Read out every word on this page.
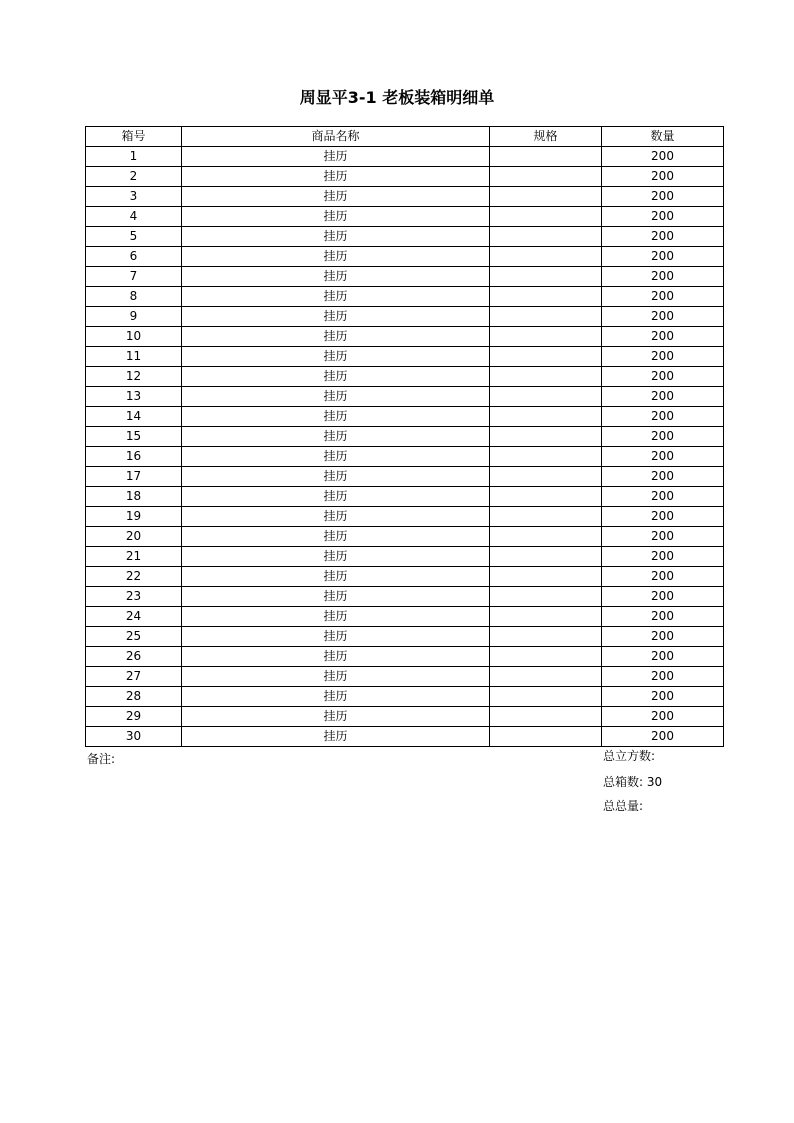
周显平3-1 老板装箱明细单
箱号	商品名称	规格	数量
1	挂历		200
2	挂历		200
3	挂历		200
4	挂历		200
5	挂历		200
6	挂历		200
7	挂历		200
8	挂历		200
9	挂历		200
10	挂历		200
11	挂历		200
12	挂历		200
13	挂历		200
14	挂历		200
15	挂历		200
16	挂历		200
17	挂历		200
18	挂历		200
19	挂历		200
20	挂历		200
21	挂历		200
22	挂历		200
23	挂历		200
24	挂历		200
25	挂历		200
26	挂历		200
27	挂历		200
28	挂历		200
29	挂历		200
30	挂历		200
备注:	总立方数:
总箱数: 30
总总量:
